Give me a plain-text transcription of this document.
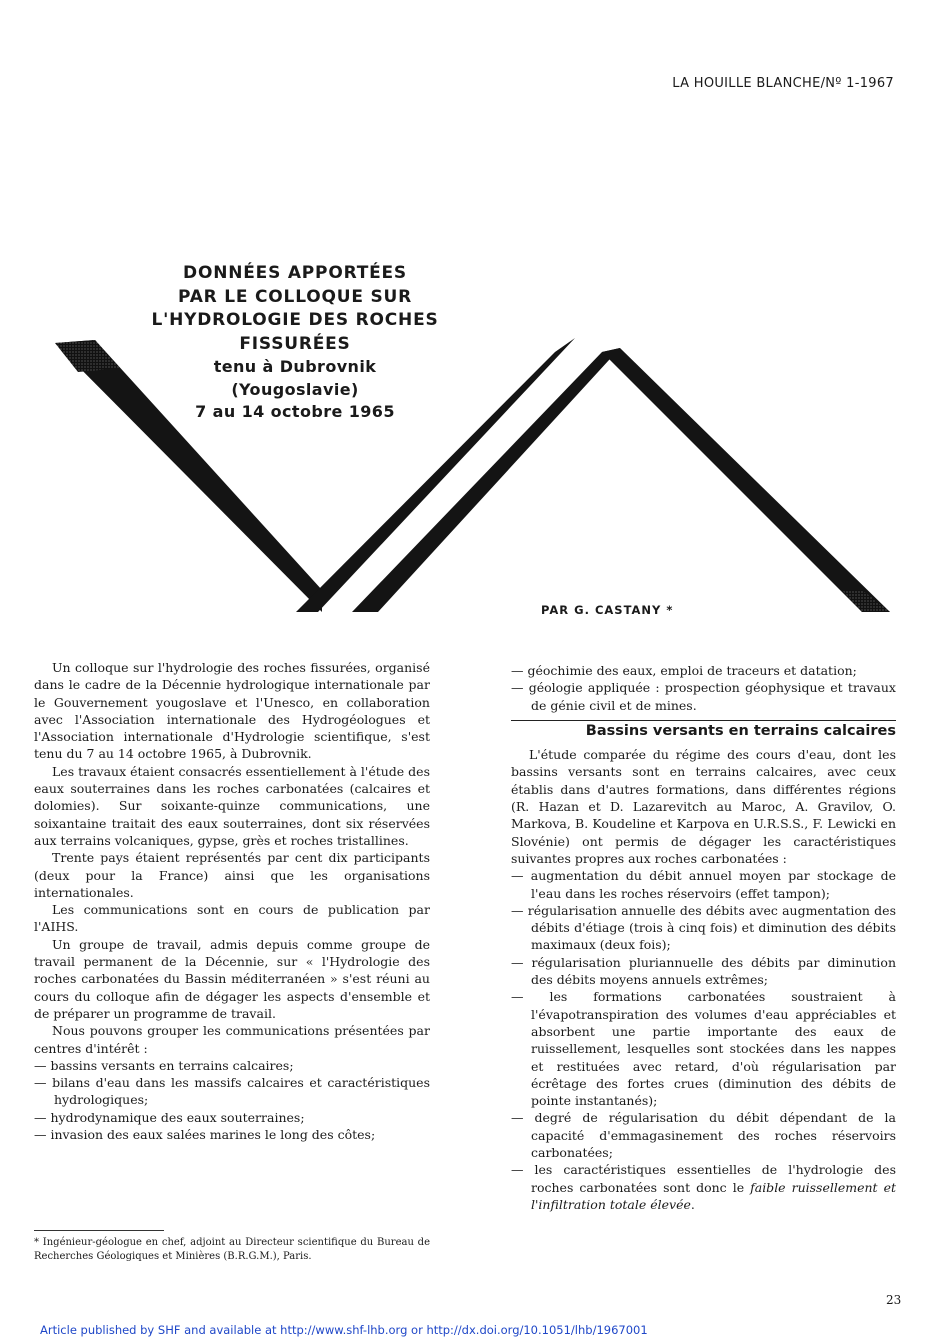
LA HOUILLE BLANCHE/Nº 1-1967
DONNÉES APPORTÉES
PAR LE COLLOQUE SUR
L'HYDROLOGIE DES ROCHES
FISSURÉES
tenu à Dubrovnik
(Yougoslavie)
7 au 14 octobre 1965
PAR G. CASTANY *

Un colloque sur l'hydrologie des roches fissurées, organisé dans le cadre de la Décennie hydrologique internationale par le Gouvernement yougoslave et l'Unesco, en collaboration avec l'Association internationale des Hydrogéologues et l'Association internationale d'Hydrologie scientifique, s'est tenu du 7 au 14 octobre 1965, à Dubrovnik.

Les travaux étaient consacrés essentiellement à l'étude des eaux souterraines dans les roches carbonatées (calcaires et dolomies). Sur soixante-quinze communications, une soixantaine traitait des eaux souterraines, dont six réservées aux terrains volcaniques, gypse, grès et roches tristallines.

Trente pays étaient représentés par cent dix participants (deux pour la France) ainsi que les organisations internationales.

Les communications sont en cours de publication par l'AIHS.

Un groupe de travail, admis depuis comme groupe de travail permanent de la Décennie, sur « l'Hydrologie des roches carbonatées du Bassin méditerranéen » s'est réuni au cours du colloque afin de dégager les aspects d'ensemble et de préparer un programme de travail.

Nous pouvons grouper les communications présentées par centres d'intérêt :

— bassins versants en terrains calcaires;
— bilans d'eau dans les massifs calcaires et caractéristiques hydrologiques;
— hydrodynamique des eaux souterraines;
— invasion des eaux salées marines le long des côtes;
— géochimie des eaux, emploi de traceurs et datation;
— géologie appliquée : prospection géophysique et travaux de génie civil et de mines.
Bassins versants en terrains calcaires

L'étude comparée du régime des cours d'eau, dont les bassins versants sont en terrains calcaires, avec ceux établis dans d'autres formations, dans différentes régions (R. Hazan et D. Lazarevitch au Maroc, A. Gravilov, O. Markova, B. Koudeline et Karpova en U.R.S.S., F. Lewicki en Slovénie) ont permis de dégager les caractéristiques suivantes propres aux roches carbonatées :

— augmentation du débit annuel moyen par stockage de l'eau dans les roches réservoirs (effet tampon);
— régularisation annuelle des débits avec augmentation des débits d'étiage (trois à cinq fois) et diminution des débits maximaux (deux fois);
— régularisation pluriannuelle des débits par diminution des débits moyens annuels extrêmes;
— les formations carbonatées soustraient à l'évapotranspiration des volumes d'eau appréciables et absorbent une partie importante des eaux de ruissellement, lesquelles sont stockées dans les nappes et restituées avec retard, d'où régularisation par écrêtage des fortes crues (diminution des débits de pointe instantanés);
— degré de régularisation du débit dépendant de la capacité d'emmagasinement des roches réservoirs carbonatées;
— les caractéristiques essentielles de l'hydrologie des roches carbonatées sont donc le faible ruissellement et l'infiltration totale élevée.
* Ingénieur-géologue en chef, adjoint au Directeur scientifique du Bureau de Recherches Géologiques et Minières (B.R.G.M.), Paris.
23
Article published by SHF and available at http://www.shf-lhb.org or http://dx.doi.org/10.1051/lhb/1967001
